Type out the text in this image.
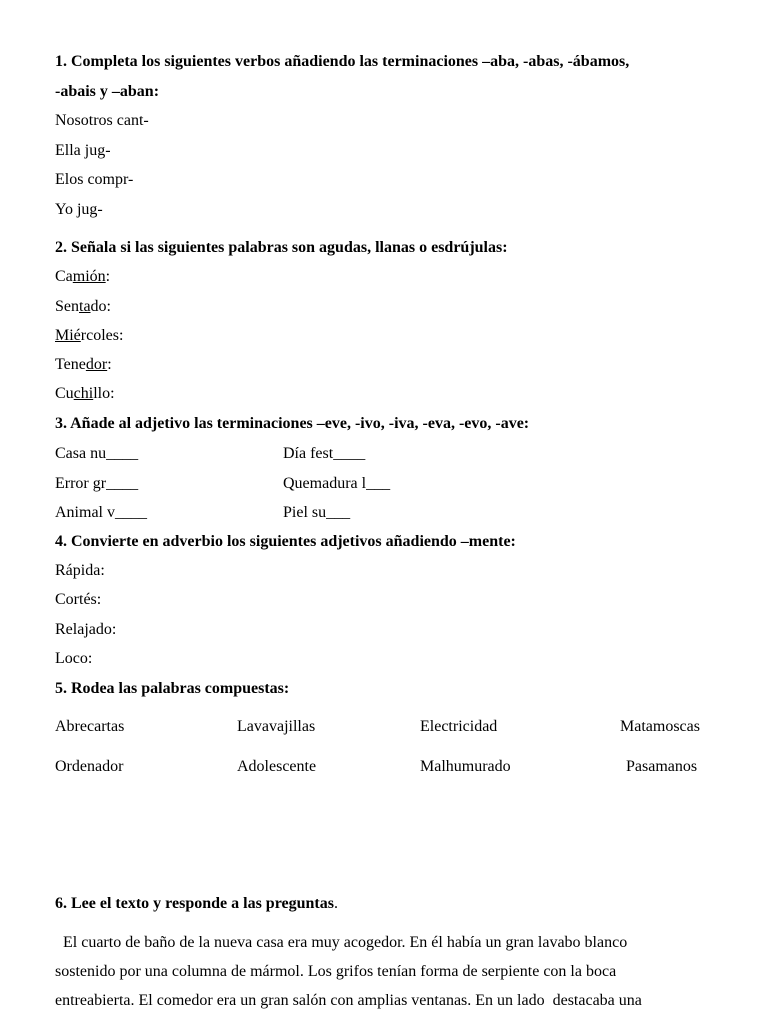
1. Completa los siguientes verbos añadiendo las terminaciones –aba, -abas, -ábamos,
-abais y –aban:
Nosotros cant-
Ella jug-
Elos compr-
Yo jug-
2. Señala si las siguientes palabras son agudas, llanas o esdrújulas:
Camión:
Sentado:
Miércoles:
Tenedor:
Cuchillo:
3. Añade al adjetivo las terminaciones –eve, -ivo, -iva, -eva, -evo, -ave:
Casa nu____	Día fest____
Error gr____	Quemadura l___
Animal v____	Piel su___
4. Convierte en adverbio los siguientes adjetivos añadiendo –mente:
Rápida:
Cortés:
Relajado:
Loco:
5. Rodea las palabras compuestas:
Abrecartas	Lavavajillas	Electricidad	Matamoscas
Ordenador	Adolescente	Malhumurado	Pasamanos
6. Lee el texto y responde a las preguntas.
El cuarto de baño de la nueva casa era muy acogedor. En él había un gran lavabo blanco
sostenido por una columna de mármol. Los grifos tenían forma de serpiente con la boca
entreabierta. El comedor era un gran salón con amplias ventanas. En un lado  destacaba una
